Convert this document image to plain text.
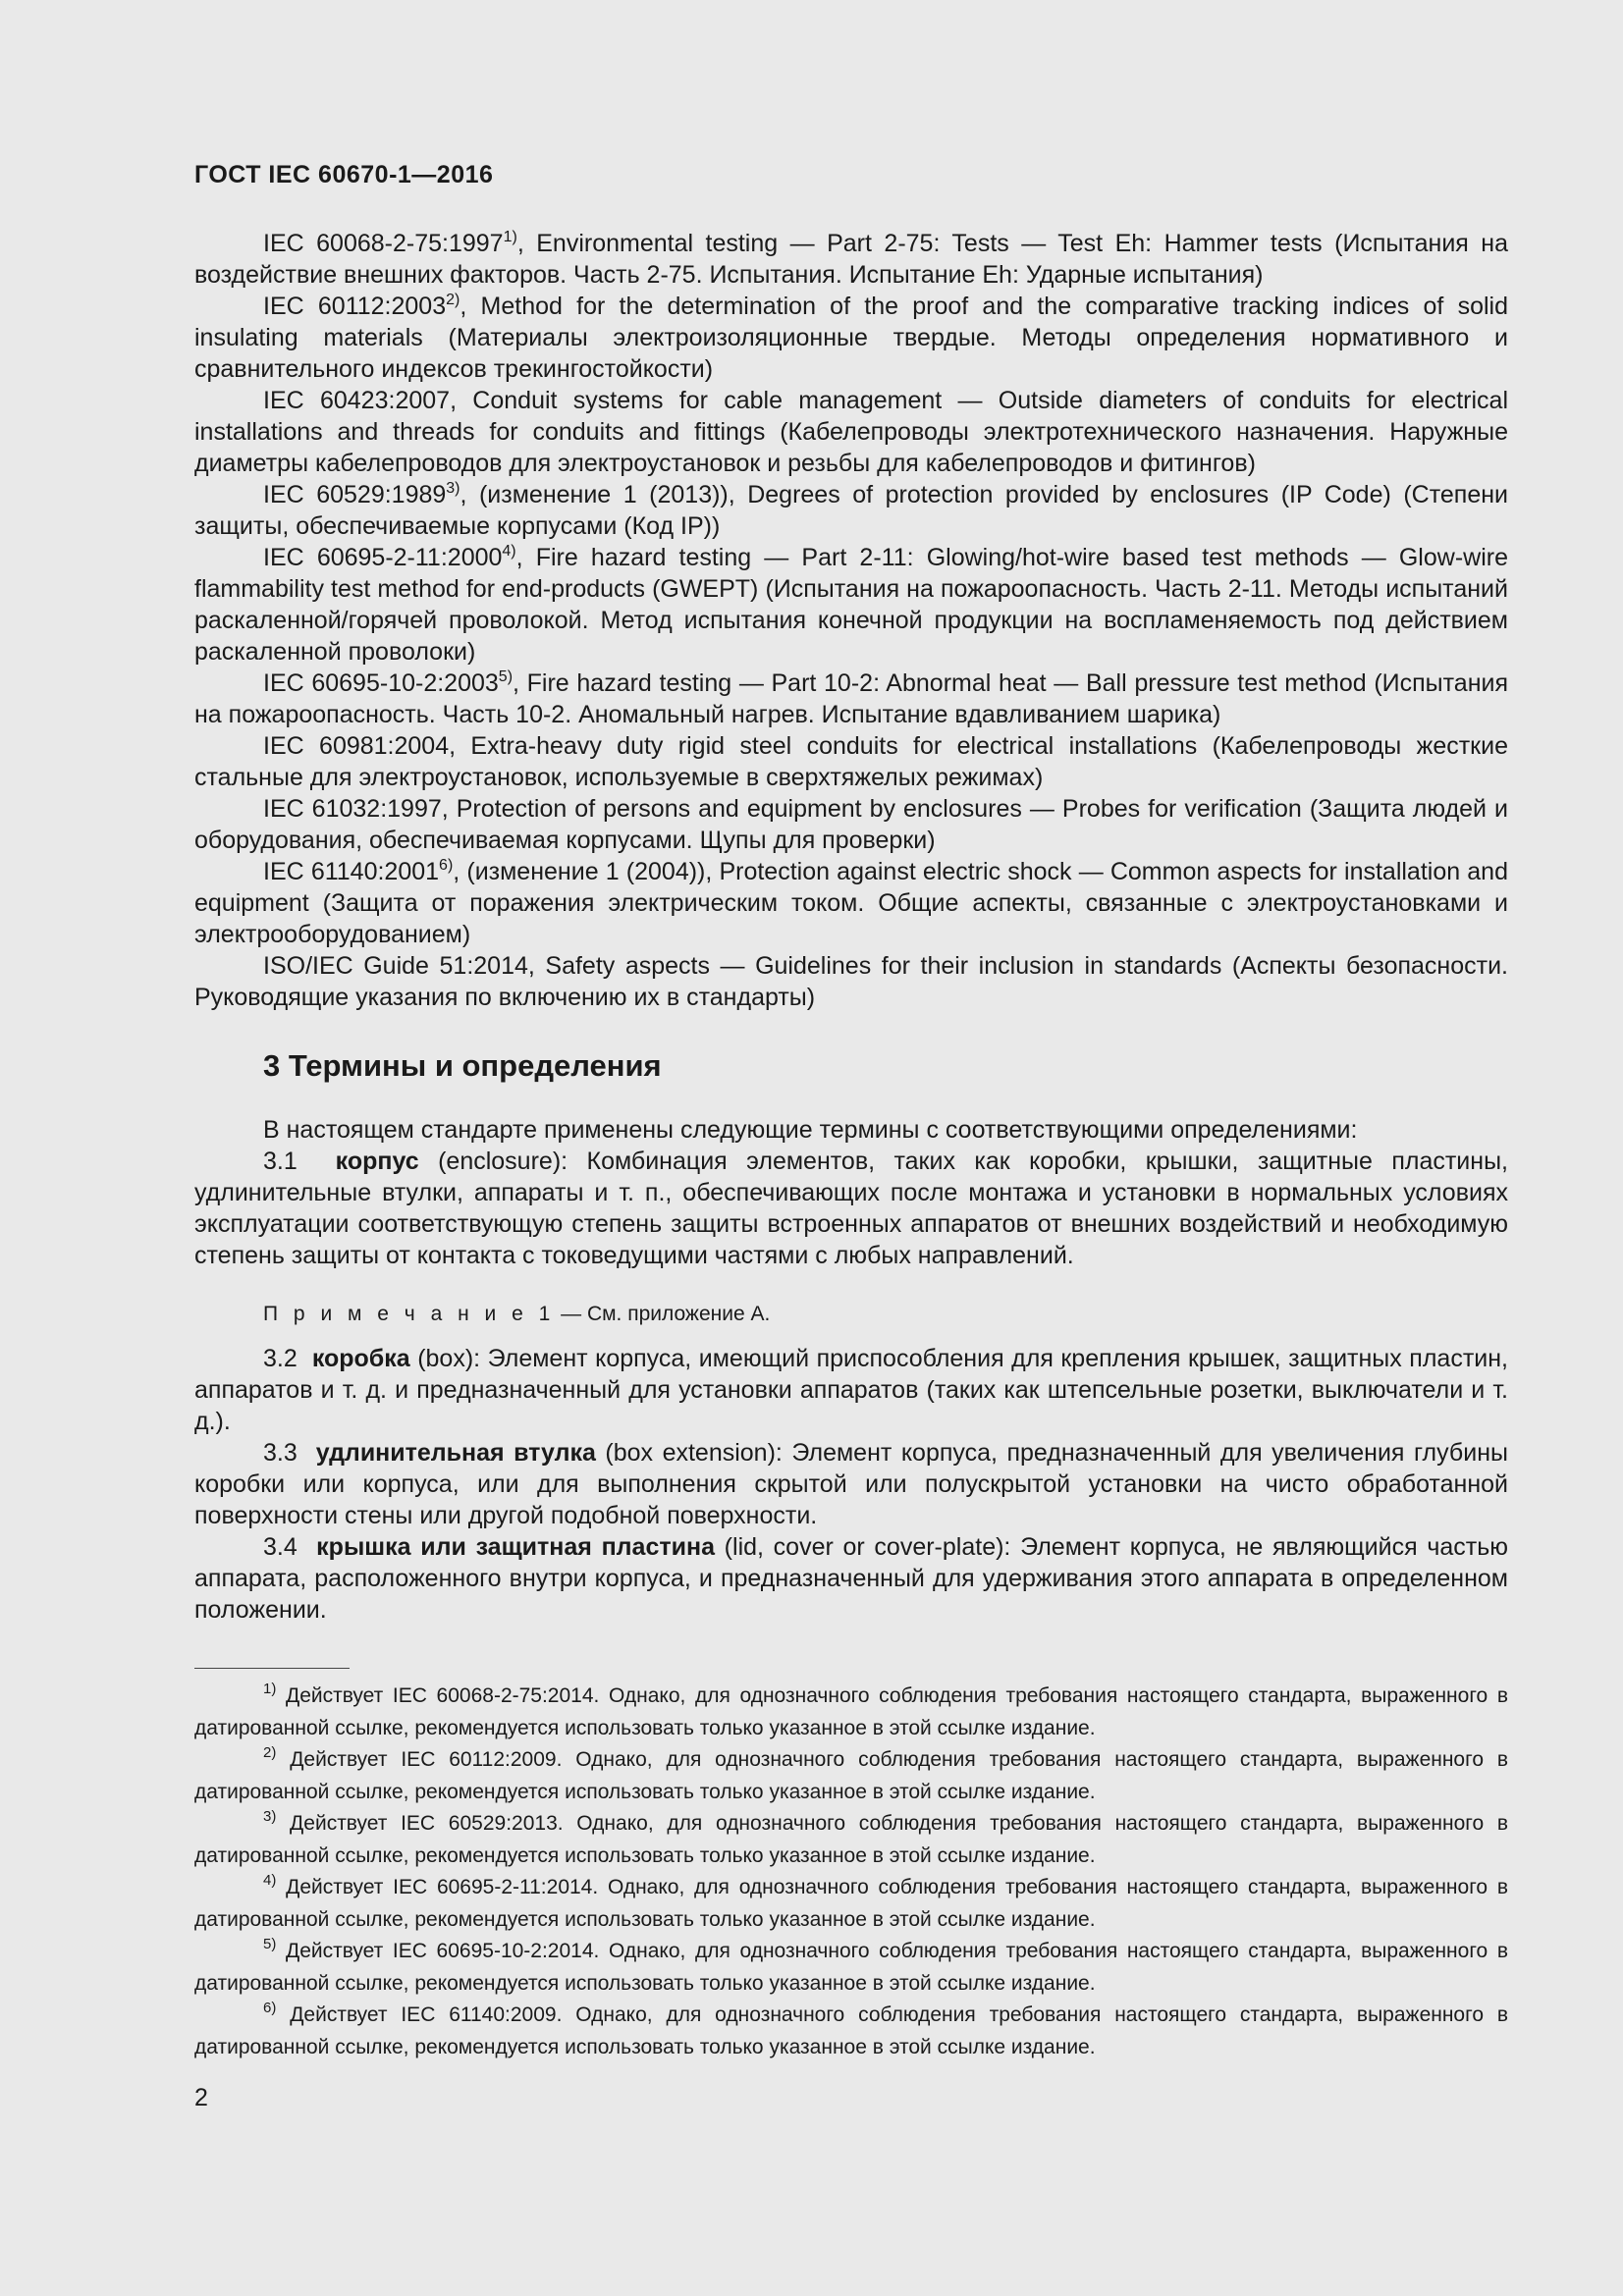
ГОСТ IEC 60670-1—2016

IEC 60068-2-75:1997$^{1)}$, Environmental testing — Part 2-75: Tests — Test Eh: Hammer tests (Испытания на воздействие внешних факторов. Часть 2-75. Испытания. Испытание Eh: Ударные испытания)

IEC 60112:2003$^{2)}$, Method for the determination of the proof and the comparative tracking indices of solid insulating materials (Материалы электроизоляционные твердые. Методы определения нормативного и сравнительного индексов трекингостойкости)

IEC 60423:2007, Conduit systems for cable management — Outside diameters of conduits for electrical installations and threads for conduits and fittings (Кабелепроводы электротехнического назначения. Наружные диаметры кабелепроводов для электроустановок и резьбы для кабелепроводов и фитингов)

IEC 60529:1989$^{3)}$, (изменение 1 (2013)), Degrees of protection provided by enclosures (IP Code) (Степени защиты, обеспечиваемые корпусами (Код IP))

IEC 60695-2-11:2000$^{4)}$, Fire hazard testing — Part 2-11: Glowing/hot-wire based test methods — Glow-wire flammability test method for end-products (GWEPT) (Испытания на пожароопасность. Часть 2-11. Методы испытаний раскаленной/горячей проволокой. Метод испытания конечной продукции на воспламеняемость под действием раскаленной проволоки)

IEC 60695-10-2:2003$^{5)}$, Fire hazard testing — Part 10-2: Abnormal heat — Ball pressure test method (Испытания на пожароопасность. Часть 10-2. Аномальный нагрев. Испытание вдавливанием шарика)

IEC 60981:2004, Extra-heavy duty rigid steel conduits for electrical installations (Кабелепроводы жесткие стальные для электроустановок, используемые в сверхтяжелых режимах)

IEC 61032:1997, Protection of persons and equipment by enclosures — Probes for verification (Защита людей и оборудования, обеспечиваемая корпусами. Щупы для проверки)

IEC 61140:2001$^{6)}$, (изменение 1 (2004)), Protection against electric shock — Common aspects for installation and equipment (Защита от поражения электрическим током. Общие аспекты, связанные с электроустановками и электрооборудованием)

ISO/IEC Guide 51:2014, Safety aspects — Guidelines for their inclusion in standards (Аспекты безопасности. Руководящие указания по включению их в стандарты)

3 Термины и определения

В настоящем стандарте применены следующие термины с соответствующими определениями:

3.1 корпус (enclosure): Комбинация элементов, таких как коробки, крышки, защитные пластины, удлинительные втулки, аппараты и т. п., обеспечивающих после монтажа и установки в нормальных условиях эксплуатации соответствующую степень защиты встроенных аппаратов от внешних воздействий и необходимую степень защиты от контакта с токоведущими частями с любых направлений.

П р и м е ч а н и е 1 — См. приложение А.

3.2 коробка (box): Элемент корпуса, имеющий приспособления для крепления крышек, защитных пластин, аппаратов и т. д. и предназначенный для установки аппаратов (таких как штепсельные розетки, выключатели и т. д.).

3.3 удлинительная втулка (box extension): Элемент корпуса, предназначенный для увеличения глубины коробки или корпуса, или для выполнения скрытой или полускрытой установки на чисто обработанной поверхности стены или другой подобной поверхности.

3.4 крышка или защитная пластина (lid, cover or cover-plate): Элемент корпуса, не являющийся частью аппарата, расположенного внутри корпуса, и предназначенный для удерживания этого аппарата в определенном положении.

$^{1)}$ Действует IEC 60068-2-75:2014. Однако, для однозначного соблюдения требования настоящего стандарта, выраженного в датированной ссылке, рекомендуется использовать только указанное в этой ссылке издание.

$^{2)}$ Действует IEC 60112:2009. Однако, для однозначного соблюдения требования настоящего стандарта, выраженного в датированной ссылке, рекомендуется использовать только указанное в этой ссылке издание.

$^{3)}$ Действует IEC 60529:2013. Однако, для однозначного соблюдения требования настоящего стандарта, выраженного в датированной ссылке, рекомендуется использовать только указанное в этой ссылке издание.

$^{4)}$ Действует IEC 60695-2-11:2014. Однако, для однозначного соблюдения требования настоящего стандарта, выраженного в датированной ссылке, рекомендуется использовать только указанное в этой ссылке издание.

$^{5)}$ Действует IEC 60695-10-2:2014. Однако, для однозначного соблюдения требования настоящего стандарта, выраженного в датированной ссылке, рекомендуется использовать только указанное в этой ссылке издание.

$^{6)}$ Действует IEC 61140:2009. Однако, для однозначного соблюдения требования настоящего стандарта, выраженного в датированной ссылке, рекомендуется использовать только указанное в этой ссылке издание.

2
